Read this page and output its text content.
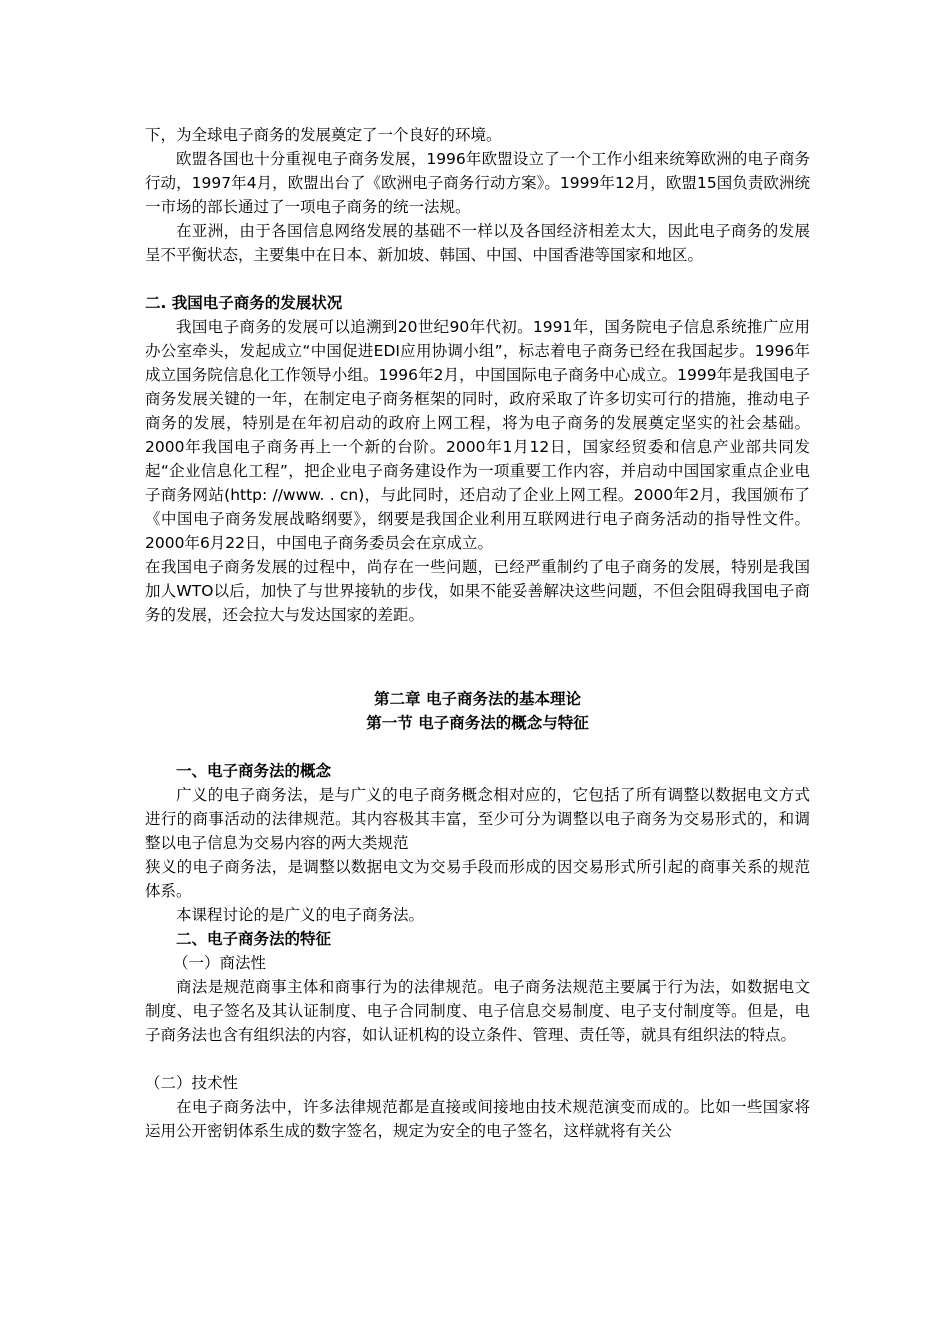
下，为全球电子商务的发展奠定了一个良好的环境。

欧盟各国也十分重视电子商务发展，1996年欧盟设立了一个工作小组来统筹欧洲的电子商务行动，1997年4月，欧盟出台了《欧洲电子商务行动方案》。1999年12月，欧盟15国负责欧洲统一市场的部长通过了一项电子商务的统一法规。

在亚洲，由于各国信息网络发展的基础不一样以及各国经济相差太大，因此电子商务的发展呈不平衡状态，主要集中在日本、新加坡、韩国、中国、中国香港等国家和地区。

二. 我国电子商务的发展状况

我国电子商务的发展可以追溯到20世纪90年代初。1991年，国务院电子信息系统推广应用办公室牵头，发起成立“中国促进EDI应用协调小组”，标志着电子商务已经在我国起步。1996年成立国务院信息化工作领导小组。1996年2月，中国国际电子商务中心成立。1999年是我国电子商务发展关键的一年，在制定电子商务框架的同时，政府采取了许多切实可行的措施，推动电子商务的发展，特别是在年初启动的政府上网工程，将为电子商务的发展奠定坚实的社会基础。2000年我国电子商务再上一个新的台阶。2000年1月12日，国家经贸委和信息产业部共同发起“企业信息化工程”，把企业电子商务建设作为一项重要工作内容，并启动中国国家重点企业电子商务网站(http: //www. . cn)，与此同时，还启动了企业上网工程。2000年2月，我国颁布了《中国电子商务发展战略纲要》，纲要是我国企业利用互联网进行电子商务活动的指导性文件。2000年6月22日，中国电子商务委员会在京成立。

在我国电子商务发展的过程中，尚存在一些问题，已经严重制约了电子商务的发展，特别是我国加人WTO以后，加快了与世界接轨的步伐，如果不能妥善解决这些问题，不但会阻碍我国电子商务的发展，还会拉大与发达国家的差距。

第二章 电子商务法的基本理论

第一节 电子商务法的概念与特征

一、电子商务法的概念

广义的电子商务法，是与广义的电子商务概念相对应的，它包括了所有调整以数据电文方式进行的商事活动的法律规范。其内容极其丰富，至少可分为调整以电子商务为交易形式的，和调整以电子信息为交易内容的两大类规范

狭义的电子商务法，是调整以数据电文为交易手段而形成的因交易形式所引起的商事关系的规范体系。

本课程讨论的是广义的电子商务法。

二、电子商务法的特征

（一）商法性

商法是规范商事主体和商事行为的法律规范。电子商务法规范主要属于行为法，如数据电文制度、电子签名及其认证制度、电子合同制度、电子信息交易制度、电子支付制度等。但是，电子商务法也含有组织法的内容，如认证机构的设立条件、管理、责任等，就具有组织法的特点。

（二）技术性

在电子商务法中，许多法律规范都是直接或间接地由技术规范演变而成的。比如一些国家将运用公开密钥体系生成的数字签名，规定为安全的电子签名，这样就将有关公
